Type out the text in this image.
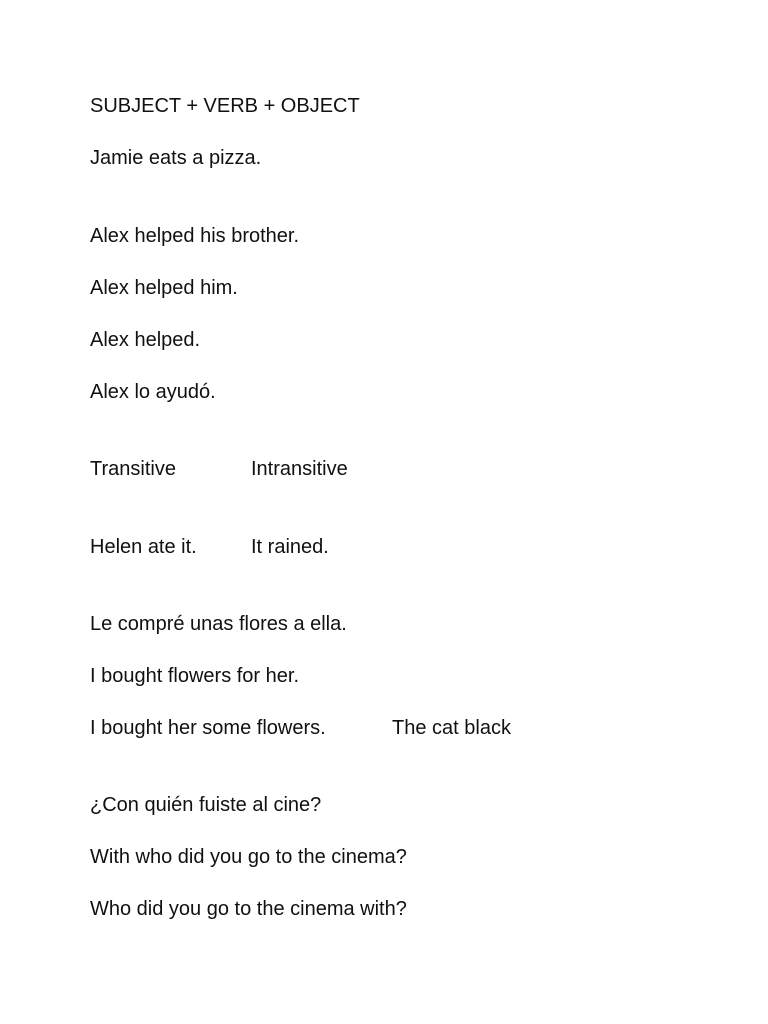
SUBJECT + VERB + OBJECT
Jamie eats a pizza.
Alex helped his brother.
Alex helped him.
Alex helped.
Alex lo ayudó.
Transitive	Intransitive
Helen ate it.	It rained.
Le compré unas flores a ella.
I bought flowers for her.
I bought her some flowers.	The cat black
¿Con quién fuiste al cine?
With who did you go to the cinema?
Who did you go to the cinema with?
